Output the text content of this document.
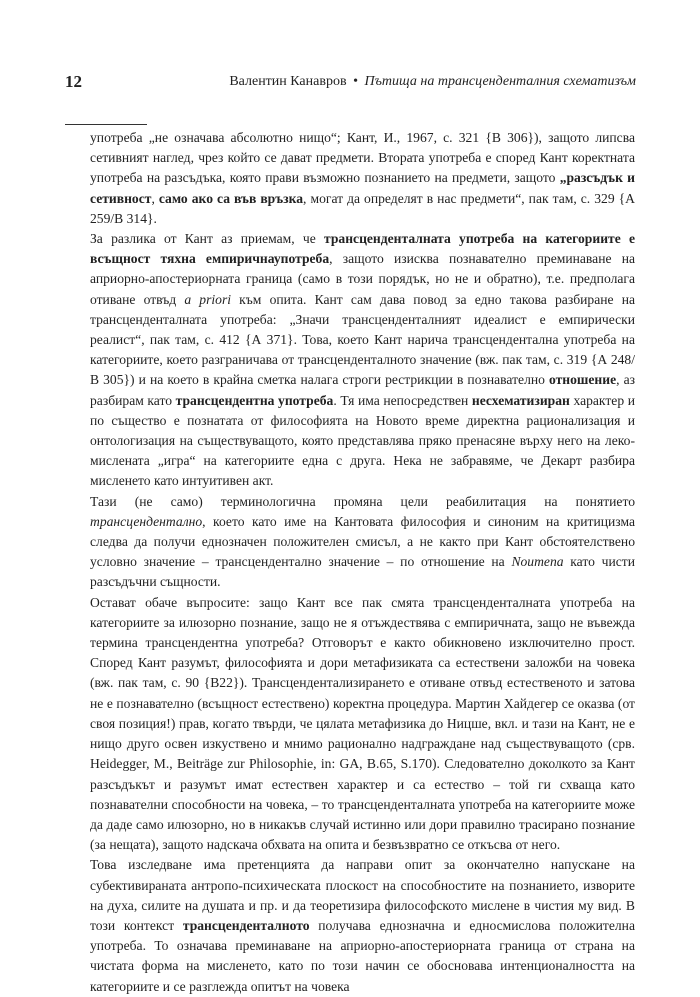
12	Валентин Канавров • Пътища на трансценденталния схематизъм

употреба „не означава абсолютно нищо“; Кант, И., 1967, с. 321 {В 306}), защото липсва сетивният наглед, чрез който се дават предмети. Втората употреба е според Кант коректната употреба на разсъдъка, която прави възможно познанието на предмети, защото „разсъдък и сетивност, само ако са във връзка, могат да определят в нас предмети“, пак там, с. 329 {А 259/В 314}.

За разлика от Кант аз приемам, че трансценденталната употреба на категориите е всъщност тяхна емпиричнаупотреба, защото изисква познавателно преминаване на априорно-апостериорната граница (само в този порядък, но не и обратно), т.е. предполага отиване отвъд a priori към опита. Кант сам дава повод за едно такова разбиране на трансценденталната употреба: „Значи трансценденталният идеалист е емпирически реалист“, пак там, с. 412 {А 371}. Това, което Кант нарича трансцендентална употреба на категориите, което разграничава от трансценденталното значение (вж. пак там, с. 319 {А 248/В 305}) и на което в крайна сметка налага строги рестрикции в познавателно отношение, аз разбирам като трансцендентна употреба. Тя има непосредствен несхематизиран характер и по същество е познатата от философията на Новото време директна рационализация и онтологизация на съществуващото, която представлява пряко пренасяне върху него на леко-мислената „игра“ на категориите една с друга. Нека не забравяме, че Декарт разбира мисленето като интуитивен акт.

Тази (не само) терминологична промяна цели реабилитация на понятието трансцендентално, което като име на Кантовата философия и синоним на критицизма следва да получи еднозначен положителен смисъл, а не както при Кант обстоятелствено условно значение – трансцендентално значение – по отношение на Noumena като чисти разсъдъчни същности.

Остават обаче въпросите: защо Кант все пак смята трансценденталната употреба на категориите за илюзорно познание, защо не я отъждествява с емпиричната, защо не въвежда термина трансцендентна употреба? Отговорът е както обикновено изключително прост. Според Кант разумът, философията и дори метафизиката са естествени заложби на човека (вж. пак там, с. 90 {В22}). Трансцендентализирането е отиване отвъд естественото и затова не е познавателно (всъщност естествено) коректна процедура. Мартин Хайдегер се оказва (от своя позиция!) прав, когато твърди, че цялата метафизика до Ницше, вкл. и тази на Кант, не е нищо друго освен изкуствено и мнимо рационално надграждане над съществуващото (срв. Heidegger, M., Beiträge zur Philosophie, in: GA, B.65, S.170). Следователно доколкото за Кант разсъдъкът и разумът имат естествен характер и са естество – той ги схваща като познавателни способности на човека, – то трансценденталната употреба на категориите може да даде само илюзорно, но в никакъв случай истинно или дори правилно трасирано познание (за нещата), защото надскача обхвата на опита и безвъзвратно се откъсва от него.

Това изследване има претенцията да направи опит за окончателно напускане на субективираната антропо-психическата плоскост на способностите на познанието, изворите на духа, силите на душата и пр. и да теоретизира философското мислене в чистия му вид. В този контекст трансценденталното получава еднозначна и едносмислова положителна употреба. То означава преминаване на априорно-апостериорната граница от страна на чистата форма на мисленето, като по този начин се обосновава интенционалността на категориите и се разглежда опитът на човека
